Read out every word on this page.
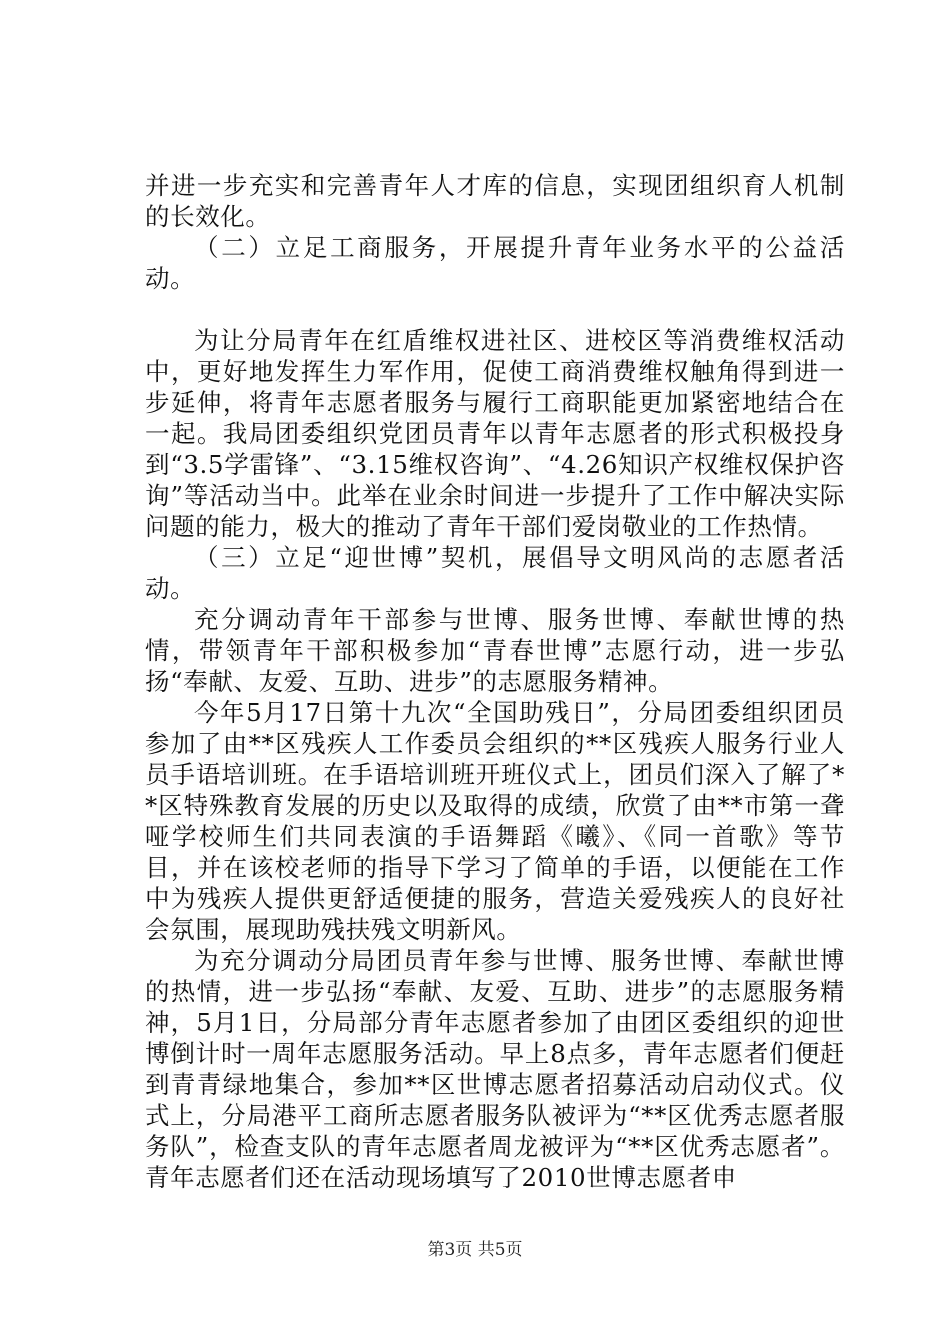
并进一步充实和完善青年人才库的信息，实现团组织育人机制的长效化。

（二）立足工商服务，开展提升青年业务水平的公益活动。

为让分局青年在红盾维权进社区、进校区等消费维权活动中，更好地发挥生力军作用，促使工商消费维权触角得到进一步延伸，将青年志愿者服务与履行工商职能更加紧密地结合在一起。我局团委组织党团员青年以青年志愿者的形式积极投身到“3.5学雷锋”、“3.15维权咨询”、“4.26知识产权维权保护咨询”等活动当中。此举在业余时间进一步提升了工作中解决实际问题的能力，极大的推动了青年干部们爱岗敬业的工作热情。

（三）立足“迎世博”契机，展倡导文明风尚的志愿者活动。

充分调动青年干部参与世博、服务世博、奉献世博的热情，带领青年干部积极参加“青春世博”志愿行动，进一步弘扬“奉献、友爱、互助、进步”的志愿服务精神。

今年5月17日第十九次“全国助残日”，分局团委组织团员参加了由**区残疾人工作委员会组织的**区残疾人服务行业人员手语培训班。在手语培训班开班仪式上，团员们深入了解了**区特殊教育发展的历史以及取得的成绩，欣赏了由**市第一聋哑学校师生们共同表演的手语舞蹈《曦》、《同一首歌》等节目，并在该校老师的指导下学习了简单的手语，以便能在工作中为残疾人提供更舒适便捷的服务，营造关爱残疾人的良好社会氛围，展现助残扶残文明新风。

为充分调动分局团员青年参与世博、服务世博、奉献世博的热情，进一步弘扬“奉献、友爱、互助、进步”的志愿服务精神，5月1日，分局部分青年志愿者参加了由团区委组织的迎世博倒计时一周年志愿服务活动。早上8点多，青年志愿者们便赶到青青绿地集合，参加**区世博志愿者招募活动启动仪式。仪式上，分局港平工商所志愿者服务队被评为“**区优秀志愿者服务队”，检查支队的青年志愿者周龙被评为“**区优秀志愿者”。青年志愿者们还在活动现场填写了2010世博志愿者申

第3页 共5页
